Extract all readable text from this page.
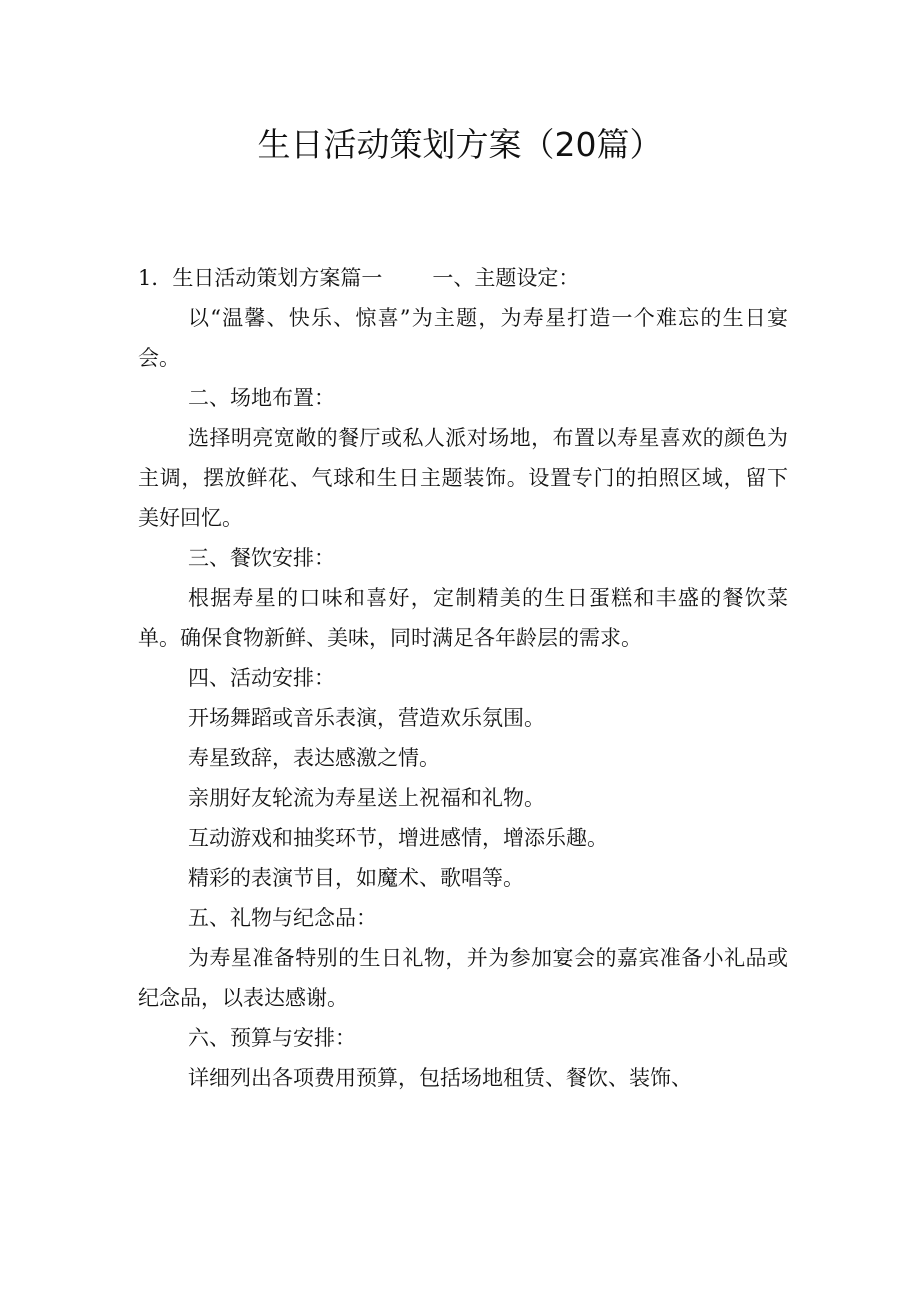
生日活动策划方案（20篇）

1．生日活动策划方案篇一 一、主题设定：

以“温馨、快乐、惊喜”为主题，为寿星打造一个难忘的生日宴会。

二、场地布置：

选择明亮宽敞的餐厅或私人派对场地，布置以寿星喜欢的颜色为主调，摆放鲜花、气球和生日主题装饰。设置专门的拍照区域，留下美好回忆。

三、餐饮安排：

根据寿星的口味和喜好，定制精美的生日蛋糕和丰盛的餐饮菜单。确保食物新鲜、美味，同时满足各年龄层的需求。

四、活动安排：

开场舞蹈或音乐表演，营造欢乐氛围。

寿星致辞，表达感激之情。

亲朋好友轮流为寿星送上祝福和礼物。

互动游戏和抽奖环节，增进感情，增添乐趣。

精彩的表演节目，如魔术、歌唱等。

五、礼物与纪念品：

为寿星准备特别的生日礼物，并为参加宴会的嘉宾准备小礼品或纪念品，以表达感谢。

六、预算与安排：

详细列出各项费用预算，包括场地租赁、餐饮、装饰、
